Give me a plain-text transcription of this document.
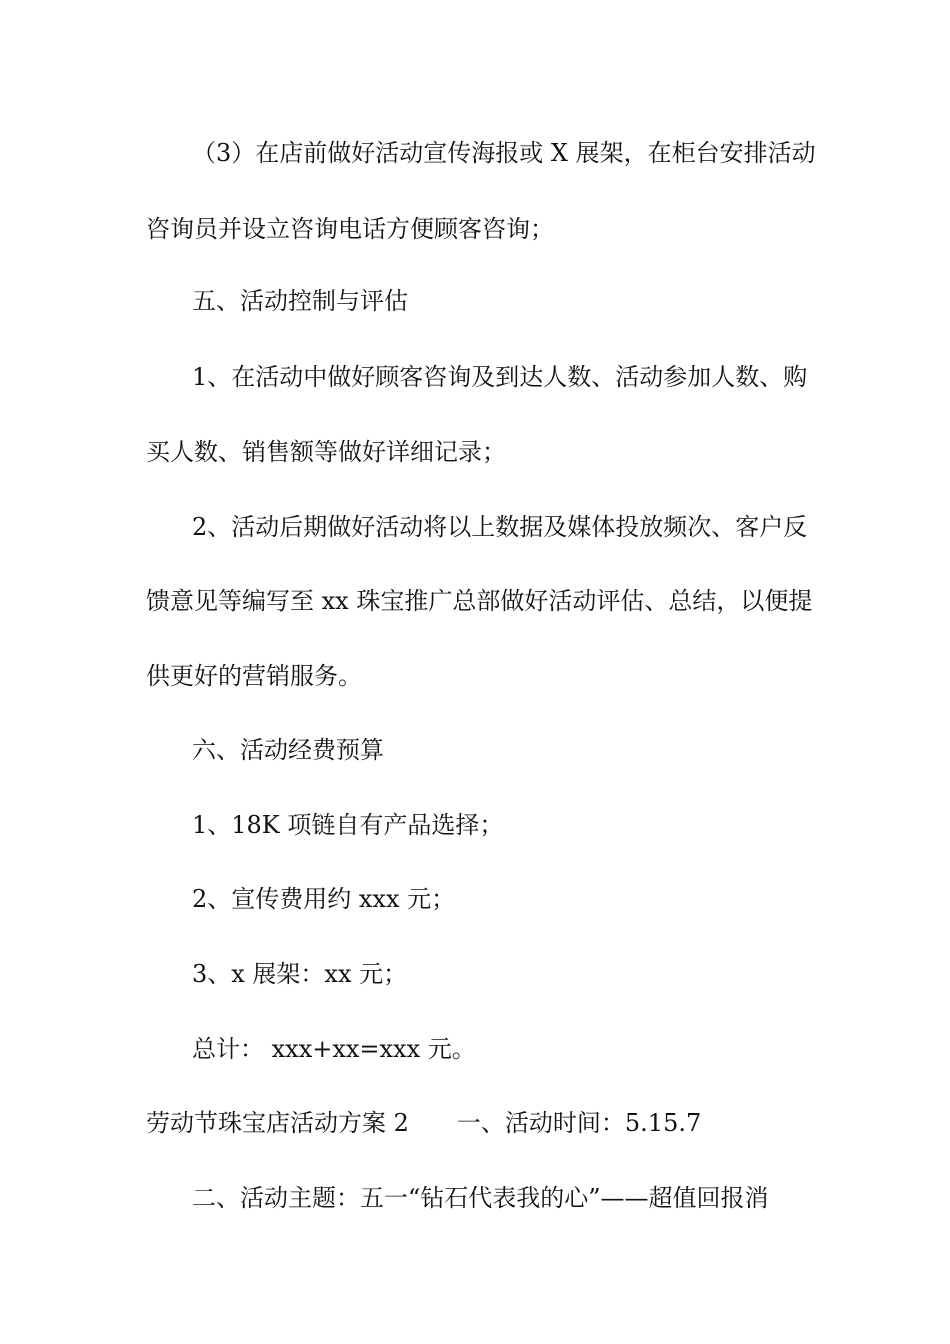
（3）在店前做好活动宣传海报或 X 展架，在柜台安排活动
咨询员并设立咨询电话方便顾客咨询；
五、活动控制与评估
1、在活动中做好顾客咨询及到达人数、活动参加人数、购
买人数、销售额等做好详细记录；
2、活动后期做好活动将以上数据及媒体投放频次、客户反
馈意见等编写至 xx 珠宝推广总部做好活动评估、总结，以便提
供更好的营销服务。
六、活动经费预算
1、18K 项链自有产品选择；
2、宣传费用约 xxx 元；
3、x 展架：xx 元；
总计： xxx+xx=xxx 元。
劳动节珠宝店活动方案 2　　一、活动时间：5.15.7
二、活动主题：五一“钻石代表我的心”——超值回报消
